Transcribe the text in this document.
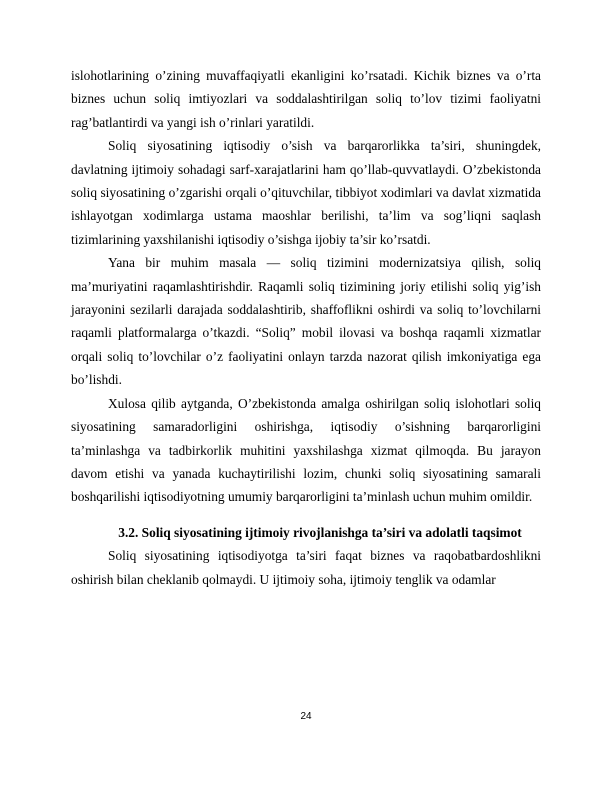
islohotlarining o’zining muvaffaqiyatli ekanligini ko’rsatadi. Kichik biznes va o’rta biznes uchun soliq imtiyozlari va soddalashtirilgan soliq to’lov tizimi faoliyatni rag’batlantirdi va yangi ish o’rinlari yaratildi.

Soliq siyosatining iqtisodiy o’sish va barqarorlikka ta’siri, shuningdek, davlatning ijtimoiy sohadagi sarf-xarajatlarini ham qo’llab-quvvatlaydi. O’zbekistonda soliq siyosatining o’zgarishi orqali o’qituvchilar, tibbiyot xodimlari va davlat xizmatida ishlayotgan xodimlarga ustama maoshlar berilishi, ta’lim va sog’liqni saqlash tizimlarining yaxshilanishi iqtisodiy o’sishga ijobiy ta’sir ko’rsatdi.

Yana bir muhim masala — soliq tizimini modernizatsiya qilish, soliq ma’muriyatini raqamlashtirishdir. Raqamli soliq tizimining joriy etilishi soliq yig’ish jarayonini sezilarli darajada soddalashtirib, shaffoflikni oshirdi va soliq to’lovchilarni raqamli platformalarga o’tkazdi. “Soliq” mobil ilovasi va boshqa raqamli xizmatlar orqali soliq to’lovchilar o’z faoliyatini onlayn tarzda nazorat qilish imkoniyatiga ega bo’lishdi.

Xulosa qilib aytganda, O’zbekistonda amalga oshirilgan soliq islohotlari soliq siyosatining samaradorligini oshirishga, iqtisodiy o’sishning barqarorligini ta’minlashga va tadbirkorlik muhitini yaxshilashga xizmat qilmoqda. Bu jarayon davom etishi va yanada kuchaytirilishi lozim, chunki soliq siyosatining samarali boshqarilishi iqtisodiyotning umumiy barqarorligini ta’minlash uchun muhim omildir.

3.2. Soliq siyosatining ijtimoiy rivojlanishga ta’siri va adolatli taqsimot

Soliq siyosatining iqtisodiyotga ta’siri faqat biznes va raqobatbardoshlikni oshirish bilan cheklanib qolmaydi. U ijtimoiy soha, ijtimoiy tenglik va odamlar

24
